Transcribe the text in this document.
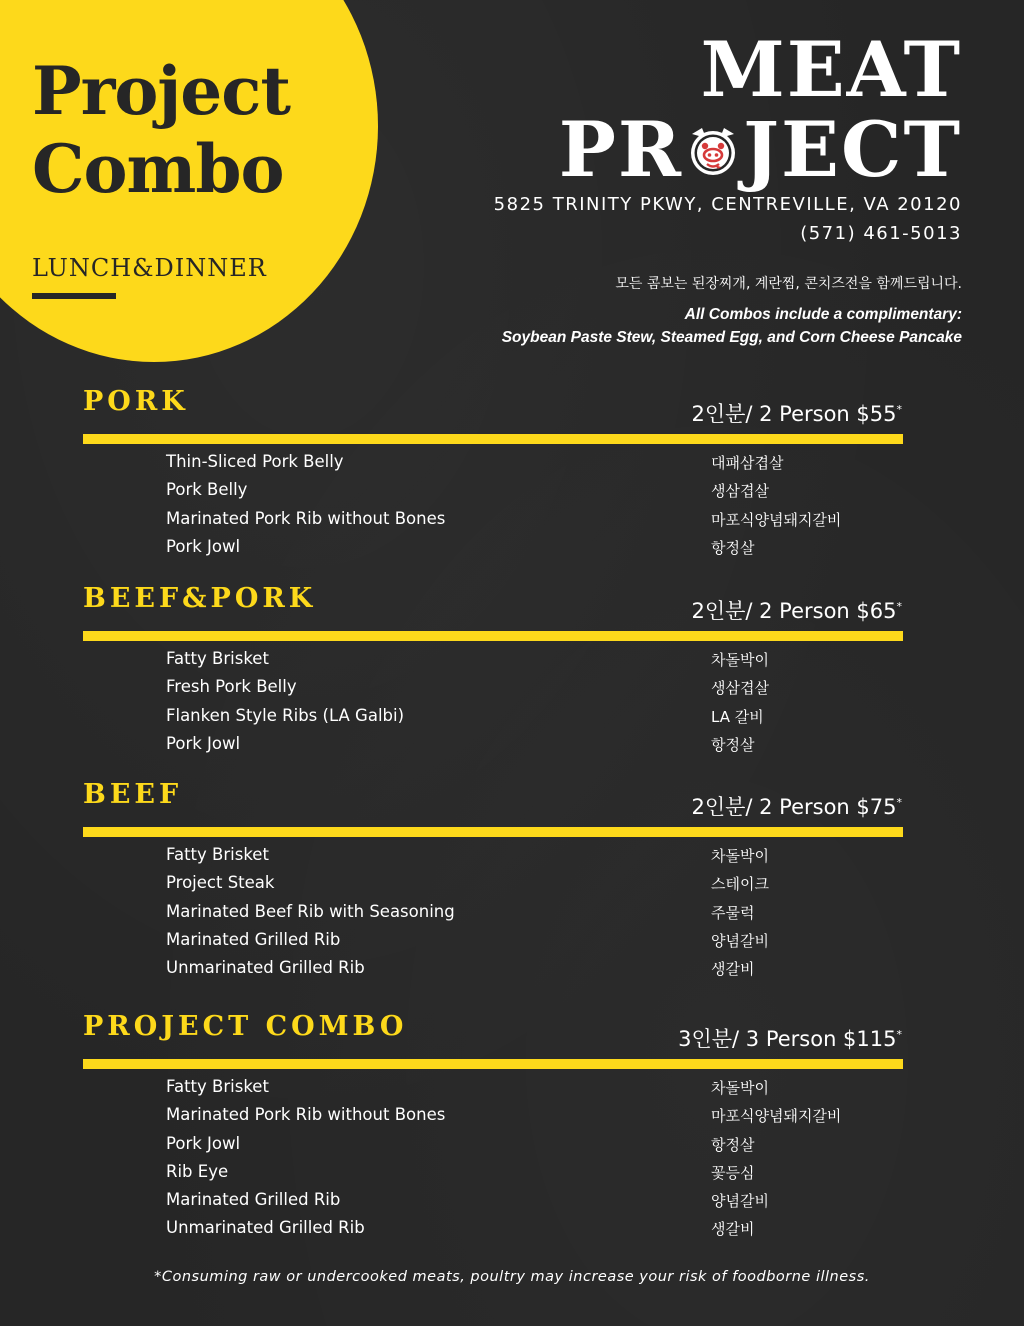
Project
Combo
LUNCH&DINNER
MEAT
PR JECT
5825 TRINITY PKWY, CENTREVILLE, VA 20120
(571) 461-5013
모든 콤보는 된장찌개, 계란찜, 콘치즈전을 함께드립니다.
All Combos include a complimentary:
Soybean Paste Stew, Steamed Egg, and Corn Cheese Pancake
PORK	2인분/ 2 Person $55*
Thin-Sliced Pork Belly	대패삼겹살
Pork Belly	생삼겹살
Marinated Pork Rib without Bones	마포식양념돼지갈비
Pork Jowl	항정살
BEEF&PORK	2인분/ 2 Person $65*
Fatty Brisket	차돌박이
Fresh Pork Belly	생삼겹살
Flanken Style Ribs (LA Galbi)	LA 갈비
Pork Jowl	항정살
BEEF	2인분/ 2 Person $75*
Fatty Brisket	차돌박이
Project Steak	스테이크
Marinated Beef Rib with Seasoning	주물럭
Marinated Grilled Rib	양념갈비
Unmarinated Grilled Rib	생갈비
PROJECT COMBO	3인분/ 3 Person $115*
Fatty Brisket	차돌박이
Marinated Pork Rib without Bones	마포식양념돼지갈비
Pork Jowl	항정살
Rib Eye	꽃등심
Marinated Grilled Rib	양념갈비
Unmarinated Grilled Rib	생갈비
*Consuming raw or undercooked meats, poultry may increase your risk of foodborne illness.
